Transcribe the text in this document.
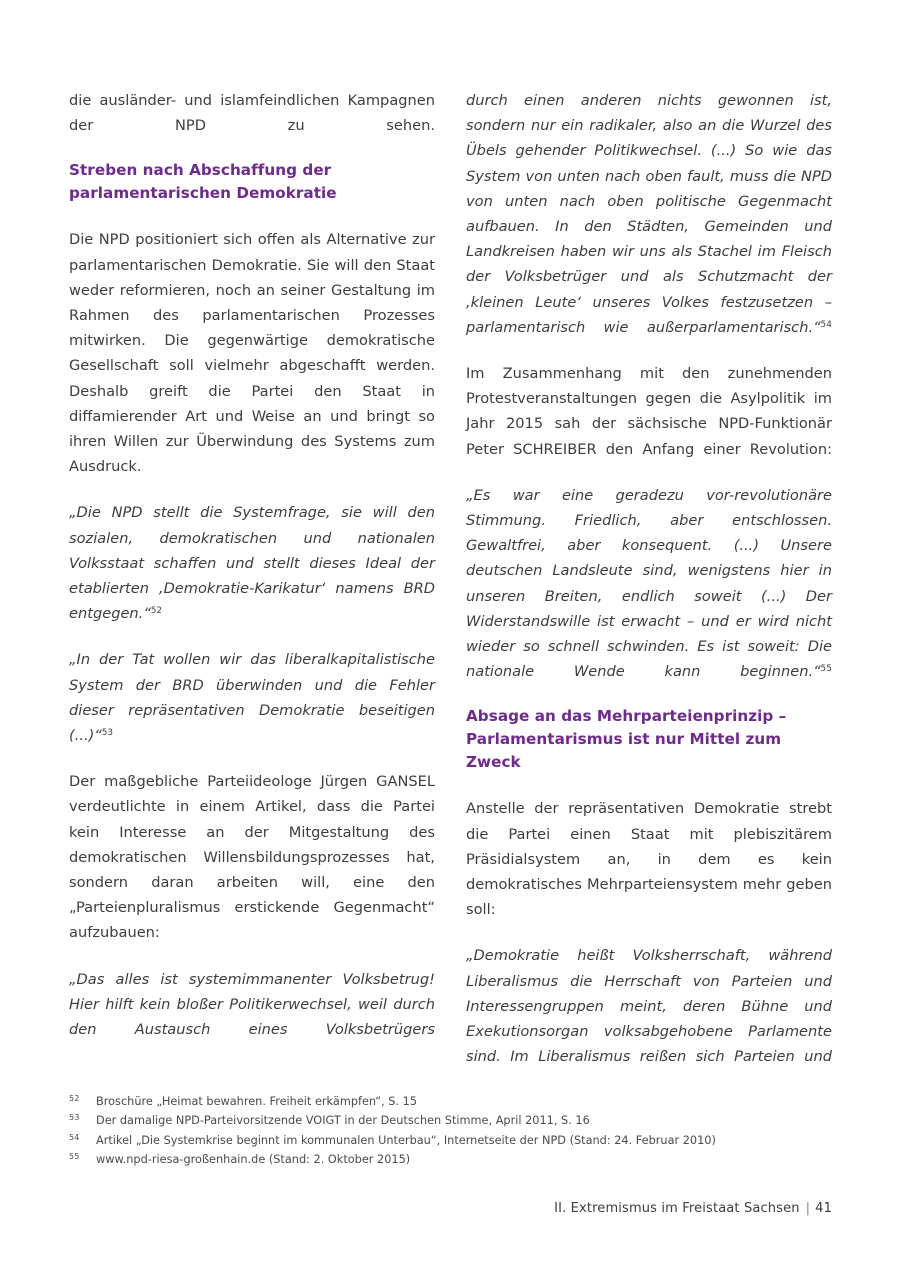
die ausländer- und islamfeindlichen Kampagnen der NPD zu sehen.

Streben nach Abschaffung der parlamentarischen Demokratie

Die NPD positioniert sich offen als Alternative zur parlamentarischen Demokratie. Sie will den Staat weder reformieren, noch an seiner Gestaltung im Rahmen des parlamentarischen Prozesses mitwirken. Die gegenwärtige demokratische Gesellschaft soll vielmehr abgeschafft werden. Deshalb greift die Partei den Staat in diffamierender Art und Weise an und bringt so ihren Willen zur Überwindung des Systems zum Ausdruck.

„Die NPD stellt die Systemfrage, sie will den sozialen, demokratischen und nationalen Volksstaat schaffen und stellt dieses Ideal der etablierten ‚Demokratie-Karikatur‘ namens BRD entgegen.“$^{52}$

„In der Tat wollen wir das liberalkapitalistische System der BRD überwinden und die Fehler dieser repräsentativen Demokratie beseitigen (...)“$^{53}$

Der maßgebliche Parteiideologe Jürgen GANSEL verdeutlichte in einem Artikel, dass die Partei kein Interesse an der Mitgestaltung des demokratischen Willensbildungsprozesses hat, sondern daran arbeiten will, eine den „Parteienpluralismus erstickende Gegenmacht“ aufzubauen:

„Das alles ist systemimmanenter Volksbetrug! Hier hilft kein bloßer Politikerwechsel, weil durch den Austausch eines Volksbetrügers

durch einen anderen nichts gewonnen ist, sondern nur ein radikaler, also an die Wurzel des Übels gehender Politikwechsel. (...) So wie das System von unten nach oben fault, muss die NPD von unten nach oben politische Gegenmacht aufbauen. In den Städten, Gemeinden und Landkreisen haben wir uns als Stachel im Fleisch der Volksbetrüger und als Schutzmacht der ‚kleinen Leute‘ unseres Volkes festzusetzen – parlamentarisch wie außerparlamentarisch.“$^{54}$

Im Zusammenhang mit den zunehmenden Protestveranstaltungen gegen die Asylpolitik im Jahr 2015 sah der sächsische NPD-Funktionär Peter SCHREIBER den Anfang einer Revolution:

„Es war eine geradezu vor-revolutionäre Stimmung. Friedlich, aber entschlossen. Gewaltfrei, aber konsequent. (...) Unsere deutschen Landsleute sind, wenigstens hier in unseren Breiten, endlich soweit (...) Der Widerstandswille ist erwacht – und er wird nicht wieder so schnell schwinden. Es ist soweit: Die nationale Wende kann beginnen.“$^{55}$

Absage an das Mehrparteienprinzip – Parlamentarismus ist nur Mittel zum Zweck

Anstelle der repräsentativen Demokratie strebt die Partei einen Staat mit plebiszitärem Präsidialsystem an, in dem es kein demokratisches Mehrparteiensystem mehr geben soll:

„Demokratie heißt Volksherrschaft, während Liberalismus die Herrschaft von Parteien und Interessengruppen meint, deren Bühne und Exekutionsorgan volksabgehobene Parlamente sind. Im Liberalismus reißen sich Parteien und

52	Broschüre „Heimat bewahren. Freiheit erkämpfen“, S. 15
53	Der damalige NPD-Parteivorsitzende VOIGT in der Deutschen Stimme, April 2011, S. 16
54	Artikel „Die Systemkrise beginnt im kommunalen Unterbau“, Internetseite der NPD (Stand: 24. Februar 2010)
55	www.npd-riesa-großenhain.de (Stand: 2. Oktober 2015)
II. Extremismus im Freistaat Sachsen | 41
